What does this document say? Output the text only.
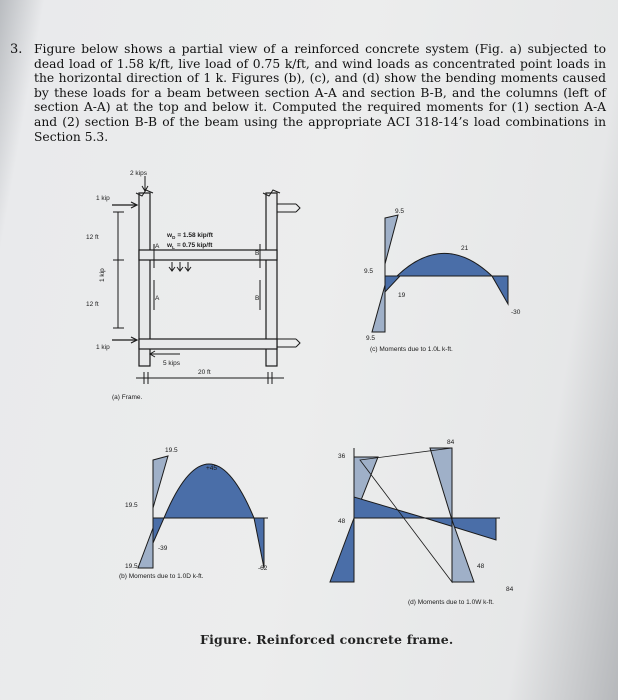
3. Figure below shows a partial view of a reinforced concrete system (Fig. a) subjected to dead load of 1.58 k/ft, live load of 0.75 k/ft, and wind loads as concentrated point loads in the horizontal direction of 1 k. Figures (b), (c), and (d) show the bending moments caused by these loads for a beam between section A-A and section B-B, and the columns (left of section A-A) at the top and below it. Computed the required moments for (1) section A-A and (2) section B-B of the beam using the appropriate ACI 318-14’s load combinations in Section 5.3.
2 kips
1 kip
12 ft
12 ft
1 kip
1 kip
$w_D = 1.58$ kip/ft
$w_L = 0.75$ kip/ft
A
B
A	B
5 kips
20 ft
(a) Frame.
9.5
21
9.5
19
-30
9.5
(c) Moments due to 1.0L k-ft.
19.5
+45
19.5
-39
-62
19.5
(b) Moments due to 1.0D k-ft.
84
36
48
48
84
(d) Moments due to 1.0W k-ft.
Figure. Reinforced concrete frame.
